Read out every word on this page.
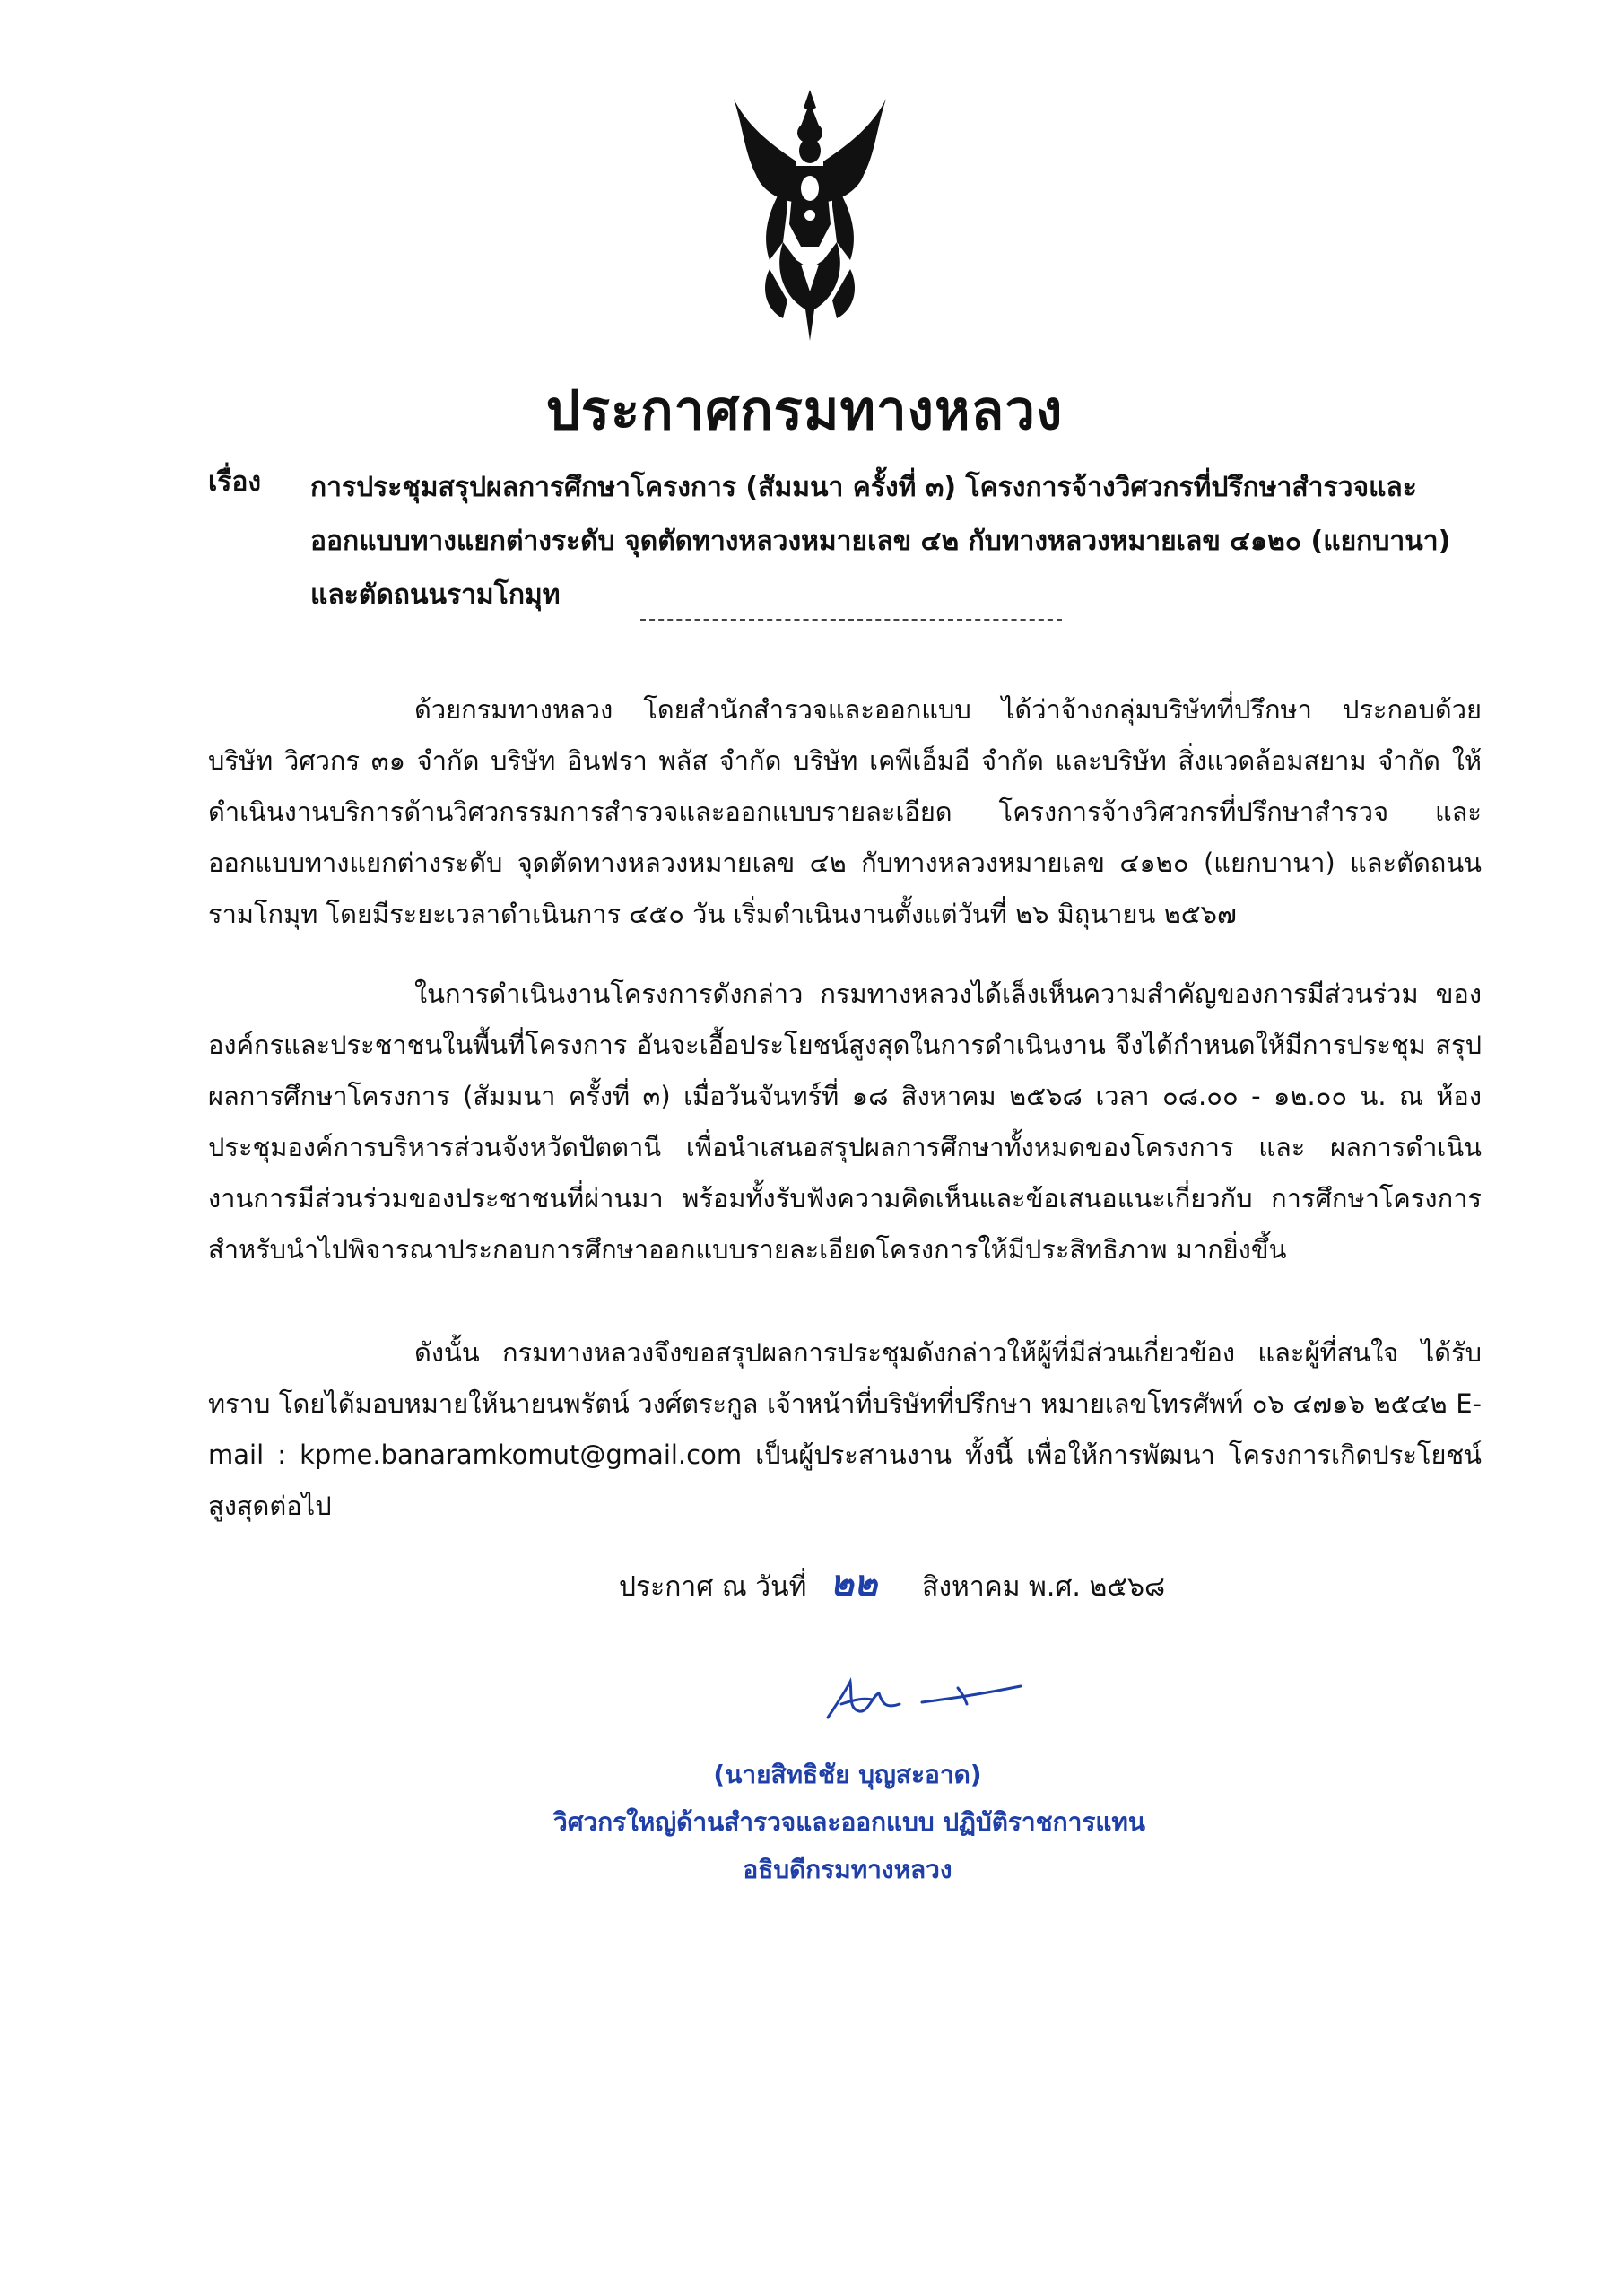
ประกาศกรมทางหลวง
เรื่อง การประชุมสรุปผลการศึกษาโครงการ (สัมมนา ครั้งที่ ๓) โครงการจ้างวิศวกรที่ปรึกษาสำรวจและออกแบบทางแยกต่างระดับ จุดตัดทางหลวงหมายเลข ๔๒ กับทางหลวงหมายเลข ๔๑๒๐ (แยกบานา) และตัดถนนรามโกมุท
ด้วยกรมทางหลวง โดยสำนักสำรวจและออกแบบ ได้ว่าจ้างกลุ่มบริษัทที่ปรึกษา ประกอบด้วย บริษัท วิศวกร ๓๑ จำกัด บริษัท อินฟรา พลัส จำกัด บริษัท เคพีเอ็มอี จำกัด และบริษัท สิ่งแวดล้อมสยาม จำกัด ให้ดำเนินงานบริการด้านวิศวกรรมการสำรวจและออกแบบรายละเอียด โครงการจ้างวิศวกรที่ปรึกษาสำรวจ และออกแบบทางแยกต่างระดับ จุดตัดทางหลวงหมายเลข ๔๒ กับทางหลวงหมายเลข ๔๑๒๐ (แยกบานา) และตัดถนนรามโกมุท โดยมีระยะเวลาดำเนินการ ๔๕๐ วัน เริ่มดำเนินงานตั้งแต่วันที่ ๒๖ มิถุนายน ๒๕๖๗
ในการดำเนินงานโครงการดังกล่าว กรมทางหลวงได้เล็งเห็นความสำคัญของการมีส่วนร่วม ขององค์กรและประชาชนในพื้นที่โครงการ อันจะเอื้อประโยชน์สูงสุดในการดำเนินงาน จึงได้กำหนดให้มีการประชุม สรุปผลการศึกษาโครงการ (สัมมนา ครั้งที่ ๓) เมื่อวันจันทร์ที่ ๑๘ สิงหาคม ๒๕๖๘ เวลา ๐๘.๐๐ - ๑๒.๐๐ น. ณ ห้องประชุมองค์การบริหารส่วนจังหวัดปัตตานี เพื่อนำเสนอสรุปผลการศึกษาทั้งหมดของโครงการ และ ผลการดำเนินงานการมีส่วนร่วมของประชาชนที่ผ่านมา พร้อมทั้งรับฟังความคิดเห็นและข้อเสนอแนะเกี่ยวกับ การศึกษาโครงการ สำหรับนำไปพิจารณาประกอบการศึกษาออกแบบรายละเอียดโครงการให้มีประสิทธิภาพ มากยิ่งขึ้น
ดังนั้น กรมทางหลวงจึงขอสรุปผลการประชุมดังกล่าวให้ผู้ที่มีส่วนเกี่ยวข้อง และผู้ที่สนใจ ได้รับทราบ โดยได้มอบหมายให้นายนพรัตน์ วงศ์ตระกูล เจ้าหน้าที่บริษัทที่ปรึกษา หมายเลขโทรศัพท์ ๐๖ ๔๗๑๖ ๒๕๔๒ E-mail : kpme.banaramkomut@gmail.com เป็นผู้ประสานงาน ทั้งนี้ เพื่อให้การพัฒนา โครงการเกิดประโยชน์สูงสุดต่อไป
ประกาศ ณ วันที่ ๒๒ สิงหาคม พ.ศ. ๒๕๖๘
(นายสิทธิชัย บุญสะอาด)
วิศวกรใหญ่ด้านสำรวจและออกแบบ ปฏิบัติราชการแทน
อธิบดีกรมทางหลวง
